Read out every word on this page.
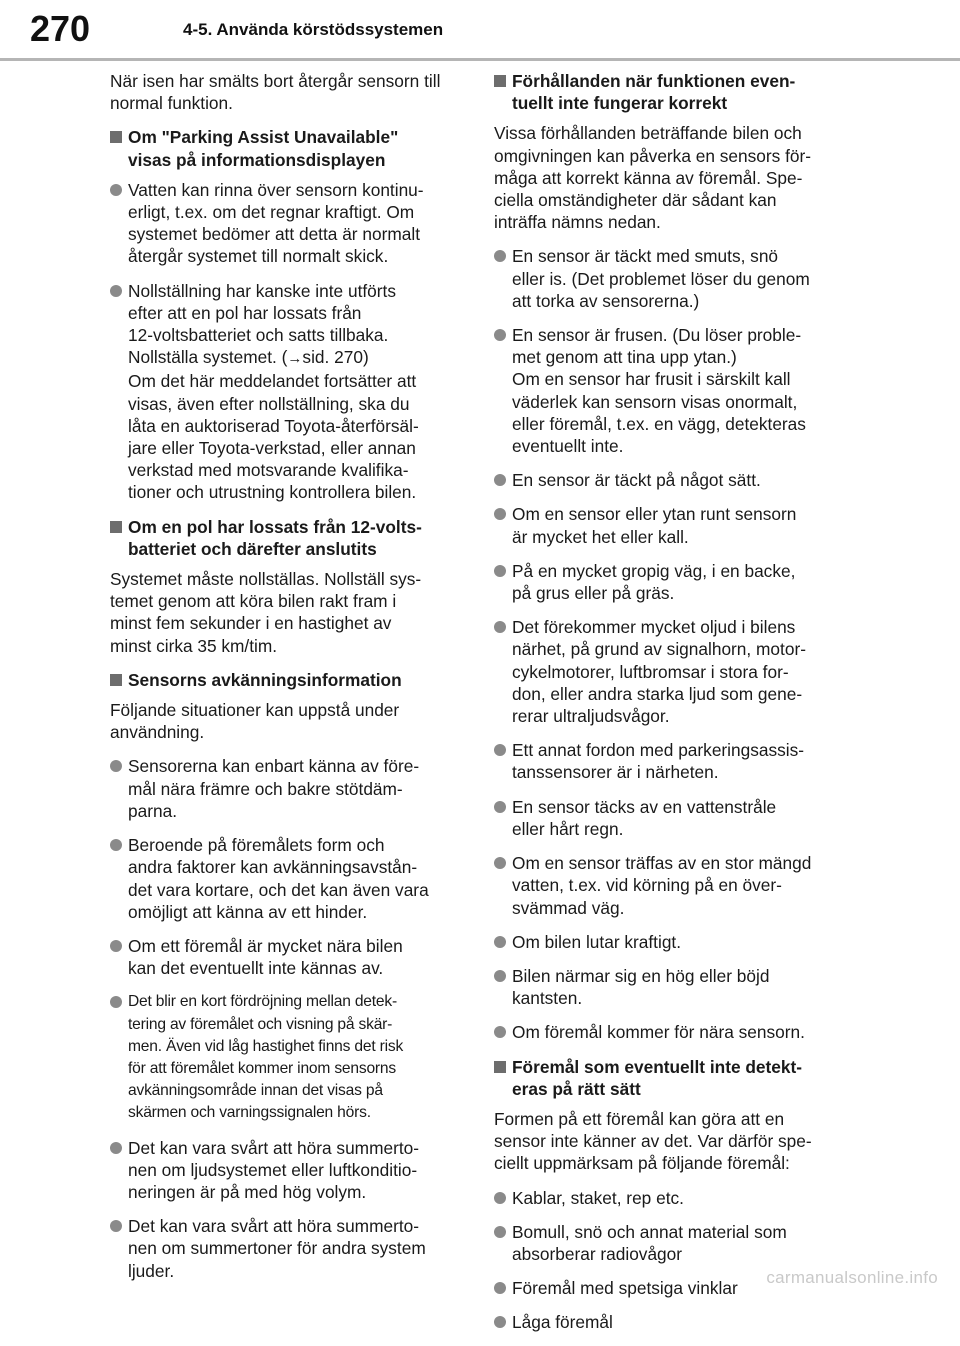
270	4-5. Använda körstödssystemen
När isen har smälts bort återgår sensorn till normal funktion.
Om "Parking Assist Unavailable"
visas på informationsdisplayen
Vatten kan rinna över sensorn kontinu-
erligt, t.ex. om det regnar kraftigt. Om
systemet bedömer att detta är normalt
återgår systemet till normalt skick.
Nollställning har kanske inte utförts
efter att en pol har lossats från
12-voltsbatteriet och satts tillbaka.
Nollställa systemet. (→sid. 270)
Om det här meddelandet fortsätter att
visas, även efter nollställning, ska du
låta en auktoriserad Toyota-återförsäl-
jare eller Toyota-verkstad, eller annan
verkstad med motsvarande kvalifika-
tioner och utrustning kontrollera bilen.
Om en pol har lossats från 12-volts-
batteriet och därefter anslutits
Systemet måste nollställas. Nollställ sys-
temet genom att köra bilen rakt fram i
minst fem sekunder i en hastighet av
minst cirka 35 km/tim.
Sensorns avkänningsinformation
Följande situationer kan uppstå under
användning.
Sensorerna kan enbart känna av före-
mål nära främre och bakre stötdäm-
parna.
Beroende på föremålets form och
andra faktorer kan avkänningsavstån-
det vara kortare, och det kan även vara
omöjligt att känna av ett hinder.
Om ett föremål är mycket nära bilen
kan det eventuellt inte kännas av.
Det blir en kort fördröjning mellan detek-
tering av föremålet och visning på skär-
men. Även vid låg hastighet finns det risk
för att föremålet kommer inom sensorns
avkänningsområde innan det visas på
skärmen och varningssignalen hörs.
Det kan vara svårt att höra summerto-
nen om ljudsystemet eller luftkonditio-
neringen är på med hög volym.
Det kan vara svårt att höra summerto-
nen om summertoner för andra system
ljuder.
Förhållanden när funktionen even-
tuellt inte fungerar korrekt
Vissa förhållanden beträffande bilen och
omgivningen kan påverka en sensors för-
måga att korrekt känna av föremål. Spe-
ciella omständigheter där sådant kan
inträffa nämns nedan.
En sensor är täckt med smuts, snö
eller is. (Det problemet löser du genom
att torka av sensorerna.)
En sensor är frusen. (Du löser proble-
met genom att tina upp ytan.)
Om en sensor har frusit i särskilt kall
väderlek kan sensorn visas onormalt,
eller föremål, t.ex. en vägg, detekteras
eventuellt inte.
En sensor är täckt på något sätt.
Om en sensor eller ytan runt sensorn
är mycket het eller kall.
På en mycket gropig väg, i en backe,
på grus eller på gräs.
Det förekommer mycket oljud i bilens
närhet, på grund av signalhorn, motor-
cykelmotorer, luftbromsar i stora for-
don, eller andra starka ljud som gene-
rerar ultraljudsvågor.
Ett annat fordon med parkeringsassis-
tanssensorer är i närheten.
En sensor täcks av en vattenstråle
eller hårt regn.
Om en sensor träffas av en stor mängd
vatten, t.ex. vid körning på en över-
svämmad väg.
Om bilen lutar kraftigt.
Bilen närmar sig en hög eller böjd
kantsten.
Om föremål kommer för nära sensorn.
Föremål som eventuellt inte detekt-
eras på rätt sätt
Formen på ett föremål kan göra att en
sensor inte känner av det. Var därför spe-
ciellt uppmärksam på följande föremål:
Kablar, staket, rep etc.
Bomull, snö och annat material som
absorberar radiovågor
Föremål med spetsiga vinklar
Låga föremål
carmanualsonline.info
